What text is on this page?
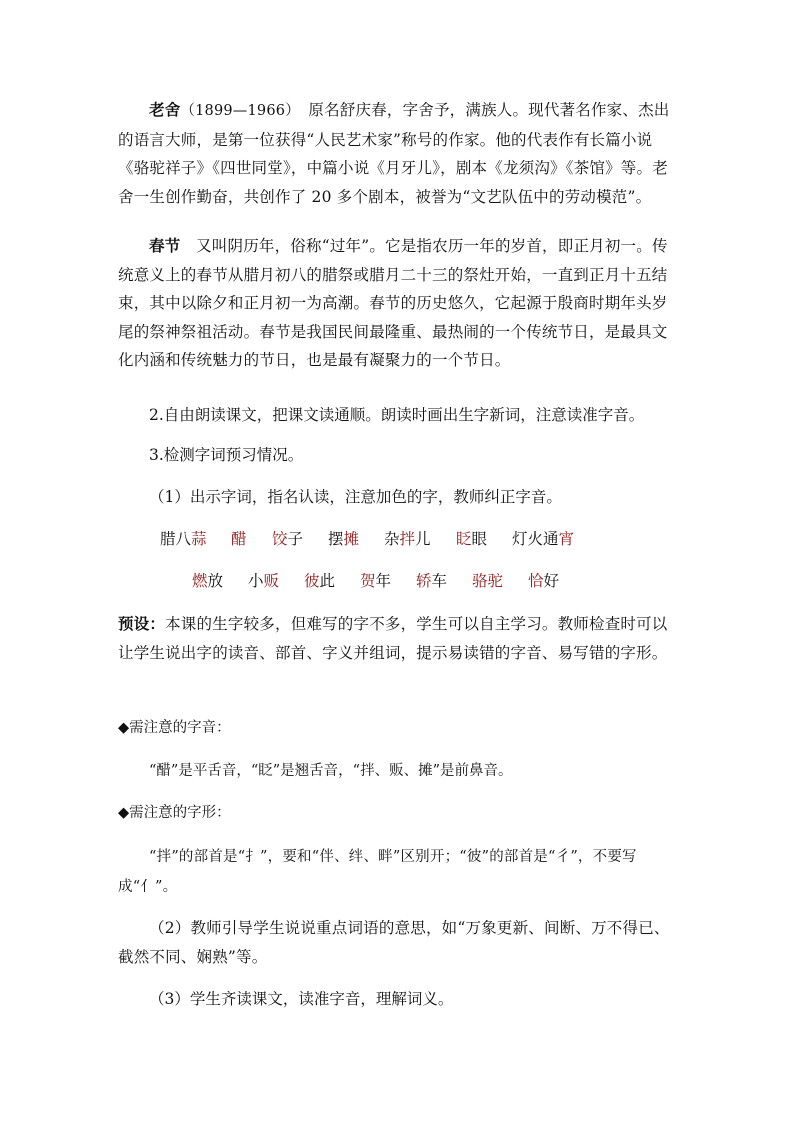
老舍（1899—1966）　原名舒庆春，字舍予，满族人。现代著名作家、杰出的语言大师，是第一位获得“人民艺术家”称号的作家。他的代表作有长篇小说《骆驼祥子》《四世同堂》，中篇小说《月牙儿》，剧本《龙须沟》《茶馆》等。老舍一生创作勤奋，共创作了 20 多个剧本，被誉为“文艺队伍中的劳动模范”。
春节　又叫阴历年，俗称“过年”。它是指农历一年的岁首，即正月初一。传统意义上的春节从腊月初八的腊祭或腊月二十三的祭灶开始，一直到正月十五结束，其中以除夕和正月初一为高潮。春节的历史悠久，它起源于殷商时期年头岁尾的祭神祭祖活动。春节是我国民间最隆重、最热闹的一个传统节日，是最具文化内涵和传统魅力的节日，也是最有凝聚力的一个节日。
2.自由朗读课文，把课文读通顺。朗读时画出生字新词，注意读准字音。
3.检测字词预习情况。
（1）出示字词，指名认读，注意加色的字，教师纠正字音。
腊八蒜 醋 饺子 摆摊 杂拌儿 眨眼 灯火通宵
燃放 小贩 彼此 贺年 轿车 骆驼 恰好
预设：本课的生字较多，但难写的字不多，学生可以自主学习。教师检查时可以让学生说出字的读音、部首、字义并组词，提示易读错的字音、易写错的字形。
◆需注意的字音：
“醋”是平舌音，“眨”是翘舌音，“拌、贩、摊”是前鼻音。
◆需注意的字形：
“拌”的部首是“扌”，要和“伴、绊、畔”区别开；“彼”的部首是“彳”，不要写成“亻”。
（2）教师引导学生说说重点词语的意思，如“万象更新、间断、万不得已、截然不同、娴熟”等。
（3）学生齐读课文，读准字音，理解词义。
